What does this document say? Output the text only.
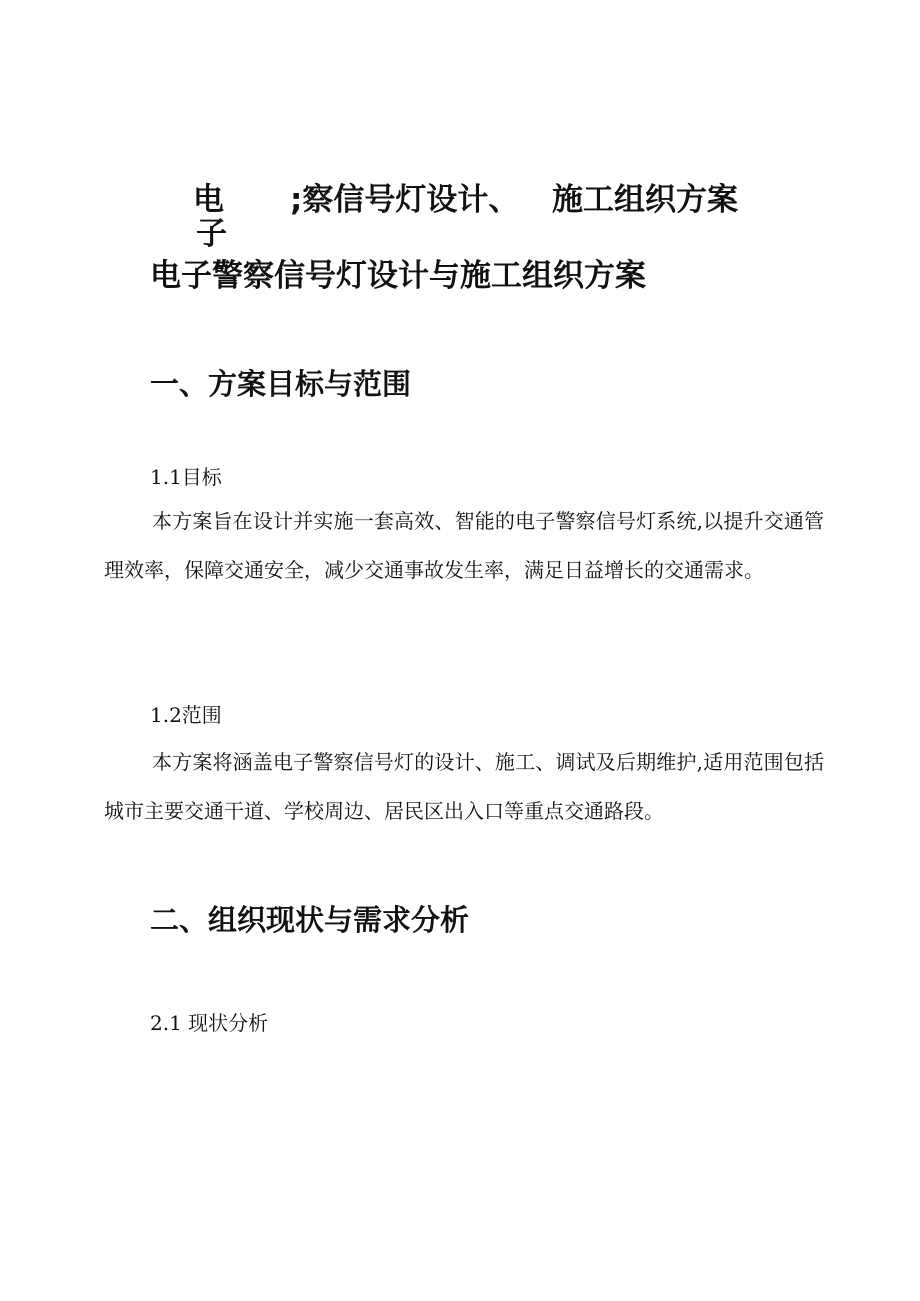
电
子
;察信号灯设计、 施工组织方案
电子警察信号灯设计与施工组织方案
一、方案目标与范围
1.1目标
本方案旨在设计并实施一套高效、智能的电子警察信号灯系统,以提升交通管理效率，保障交通安全，减少交通事故发生率，满足日益增长的交通需求。
1.2范围
本方案将涵盖电子警察信号灯的设计、施工、调试及后期维护,适用范围包括城市主要交通干道、学校周边、居民区出入口等重点交通路段。
二、组织现状与需求分析
2.1 现状分析
